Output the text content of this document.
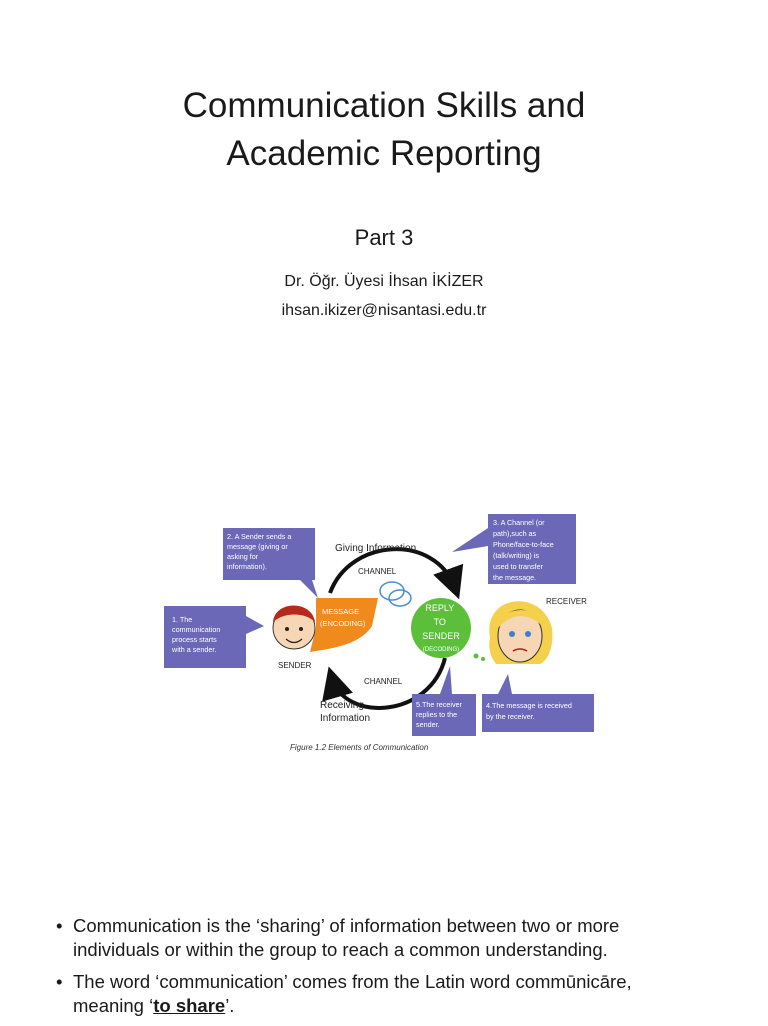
Communication Skills and
Academic Reporting
Part 3
Dr. Öğr. Üyesi İhsan İKİZER
ihsan.ikizer@nisantasi.edu.tr
2. A Sender sends a message (giving or asking for information).
1. The communication process starts with a sender.
3. A Channel (or path),such as Phone/face-to-face (talk/writing) is used to transfer the message.
5.The receiver replies to the sender.
4.The message is received by the receiver.
Giving Information
CHANNEL
CHANNEL
Receiving Information
MESSAGE (ENCODING)
REPLY TO SENDER
(DECODING)
SENDER
RECEIVER
Figure 1.2 Elements of Communication
• Communication is the ‘sharing’ of information between two or more
individuals or within the group to reach a common understanding.
• The word ‘communication’ comes from the Latin word commūnicāre,
meaning ‘to share’.
